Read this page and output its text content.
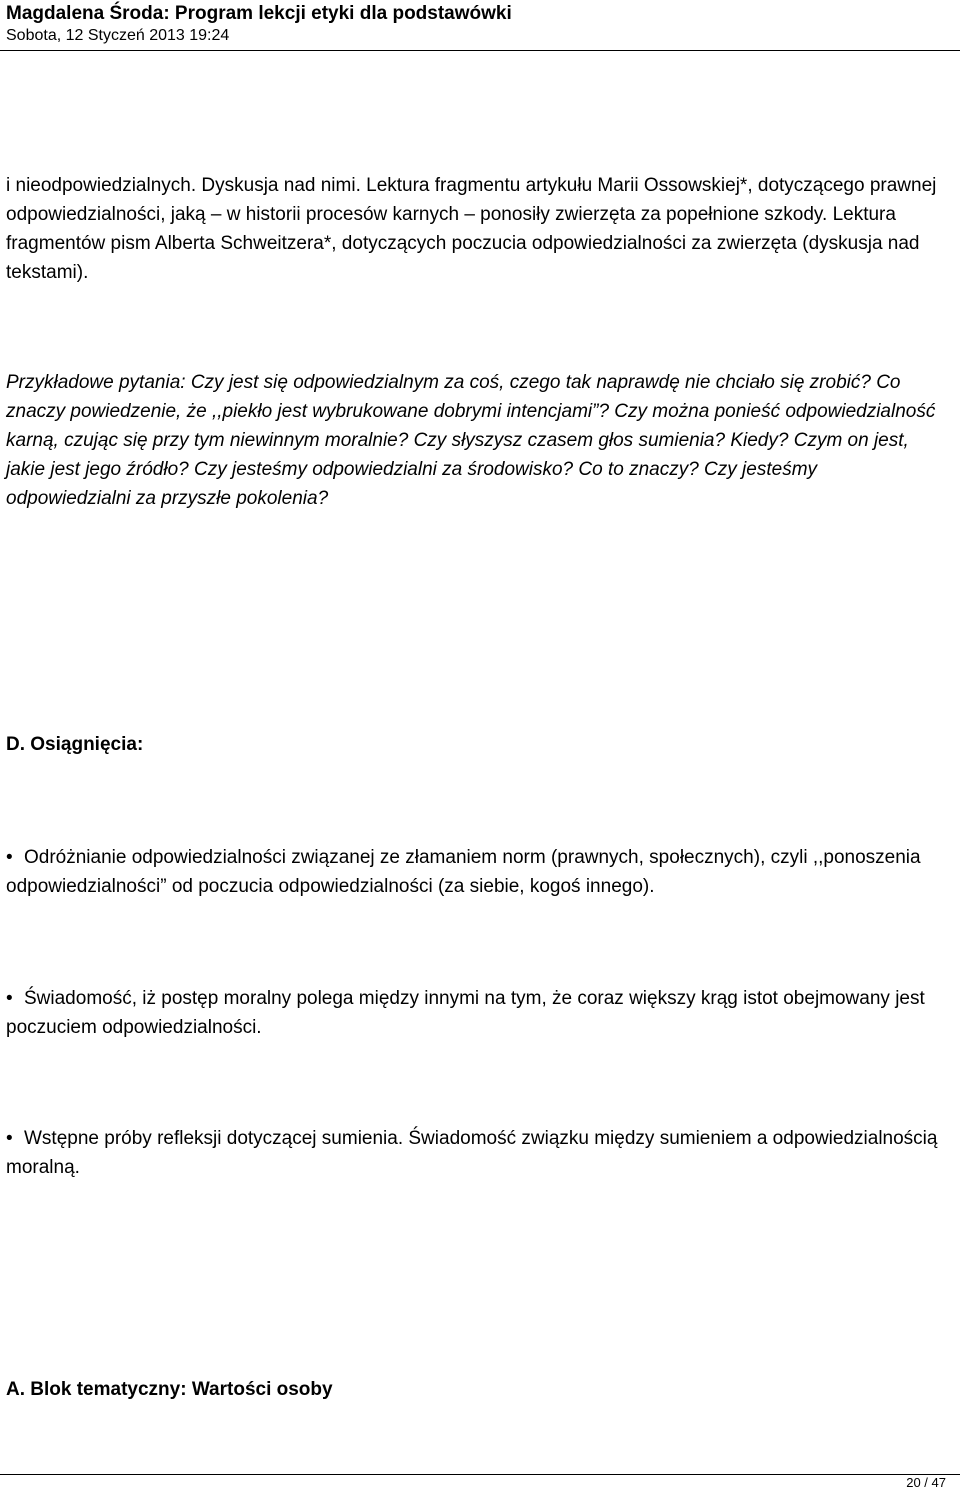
Magdalena Środa: Program lekcji etyki dla podstawówki
Sobota, 12 Styczeń 2013 19:24
i nieodpowiedzialnych. Dyskusja nad nimi. Lektura fragmentu artykułu Marii Ossowskiej*, dotyczącego prawnej odpowiedzialności, jaką – w historii procesów karnych – ponosiły zwierzęta za popełnione szkody. Lektura fragmentów pism Alberta Schweitzera*, dotyczących poczucia odpowiedzialności za zwierzęta (dyskusja nad tekstami).
Przykładowe pytania: Czy jest się odpowiedzialnym za coś, czego tak naprawdę nie chciało się zrobić? Co znaczy powiedzenie, że ,,piekło jest wybrukowane dobrymi intencjami”? Czy można ponieść odpowiedzialność karną, czując się przy tym niewinnym moralnie? Czy słyszysz czasem głos sumienia? Kiedy? Czym on jest, jakie jest jego źródło? Czy jesteśmy odpowiedzialni za środowisko? Co to znaczy? Czy jesteśmy odpowiedzialni za przyszłe pokolenia?
D. Osiągnięcia:
• Odróżnianie odpowiedzialności związanej ze złamaniem norm (prawnych, społecznych), czyli ,,ponoszenia odpowiedzialności” od poczucia odpowiedzialności (za siebie, kogoś innego).
• Świadomość, iż postęp moralny polega między innymi na tym, że coraz większy krąg istot obejmowany jest poczuciem odpowiedzialności.
• Wstępne próby refleksji dotyczącej sumienia. Świadomość związku między sumieniem a odpowiedzialnością moralną.
A. Blok tematyczny: Wartości osoby
20 / 47
